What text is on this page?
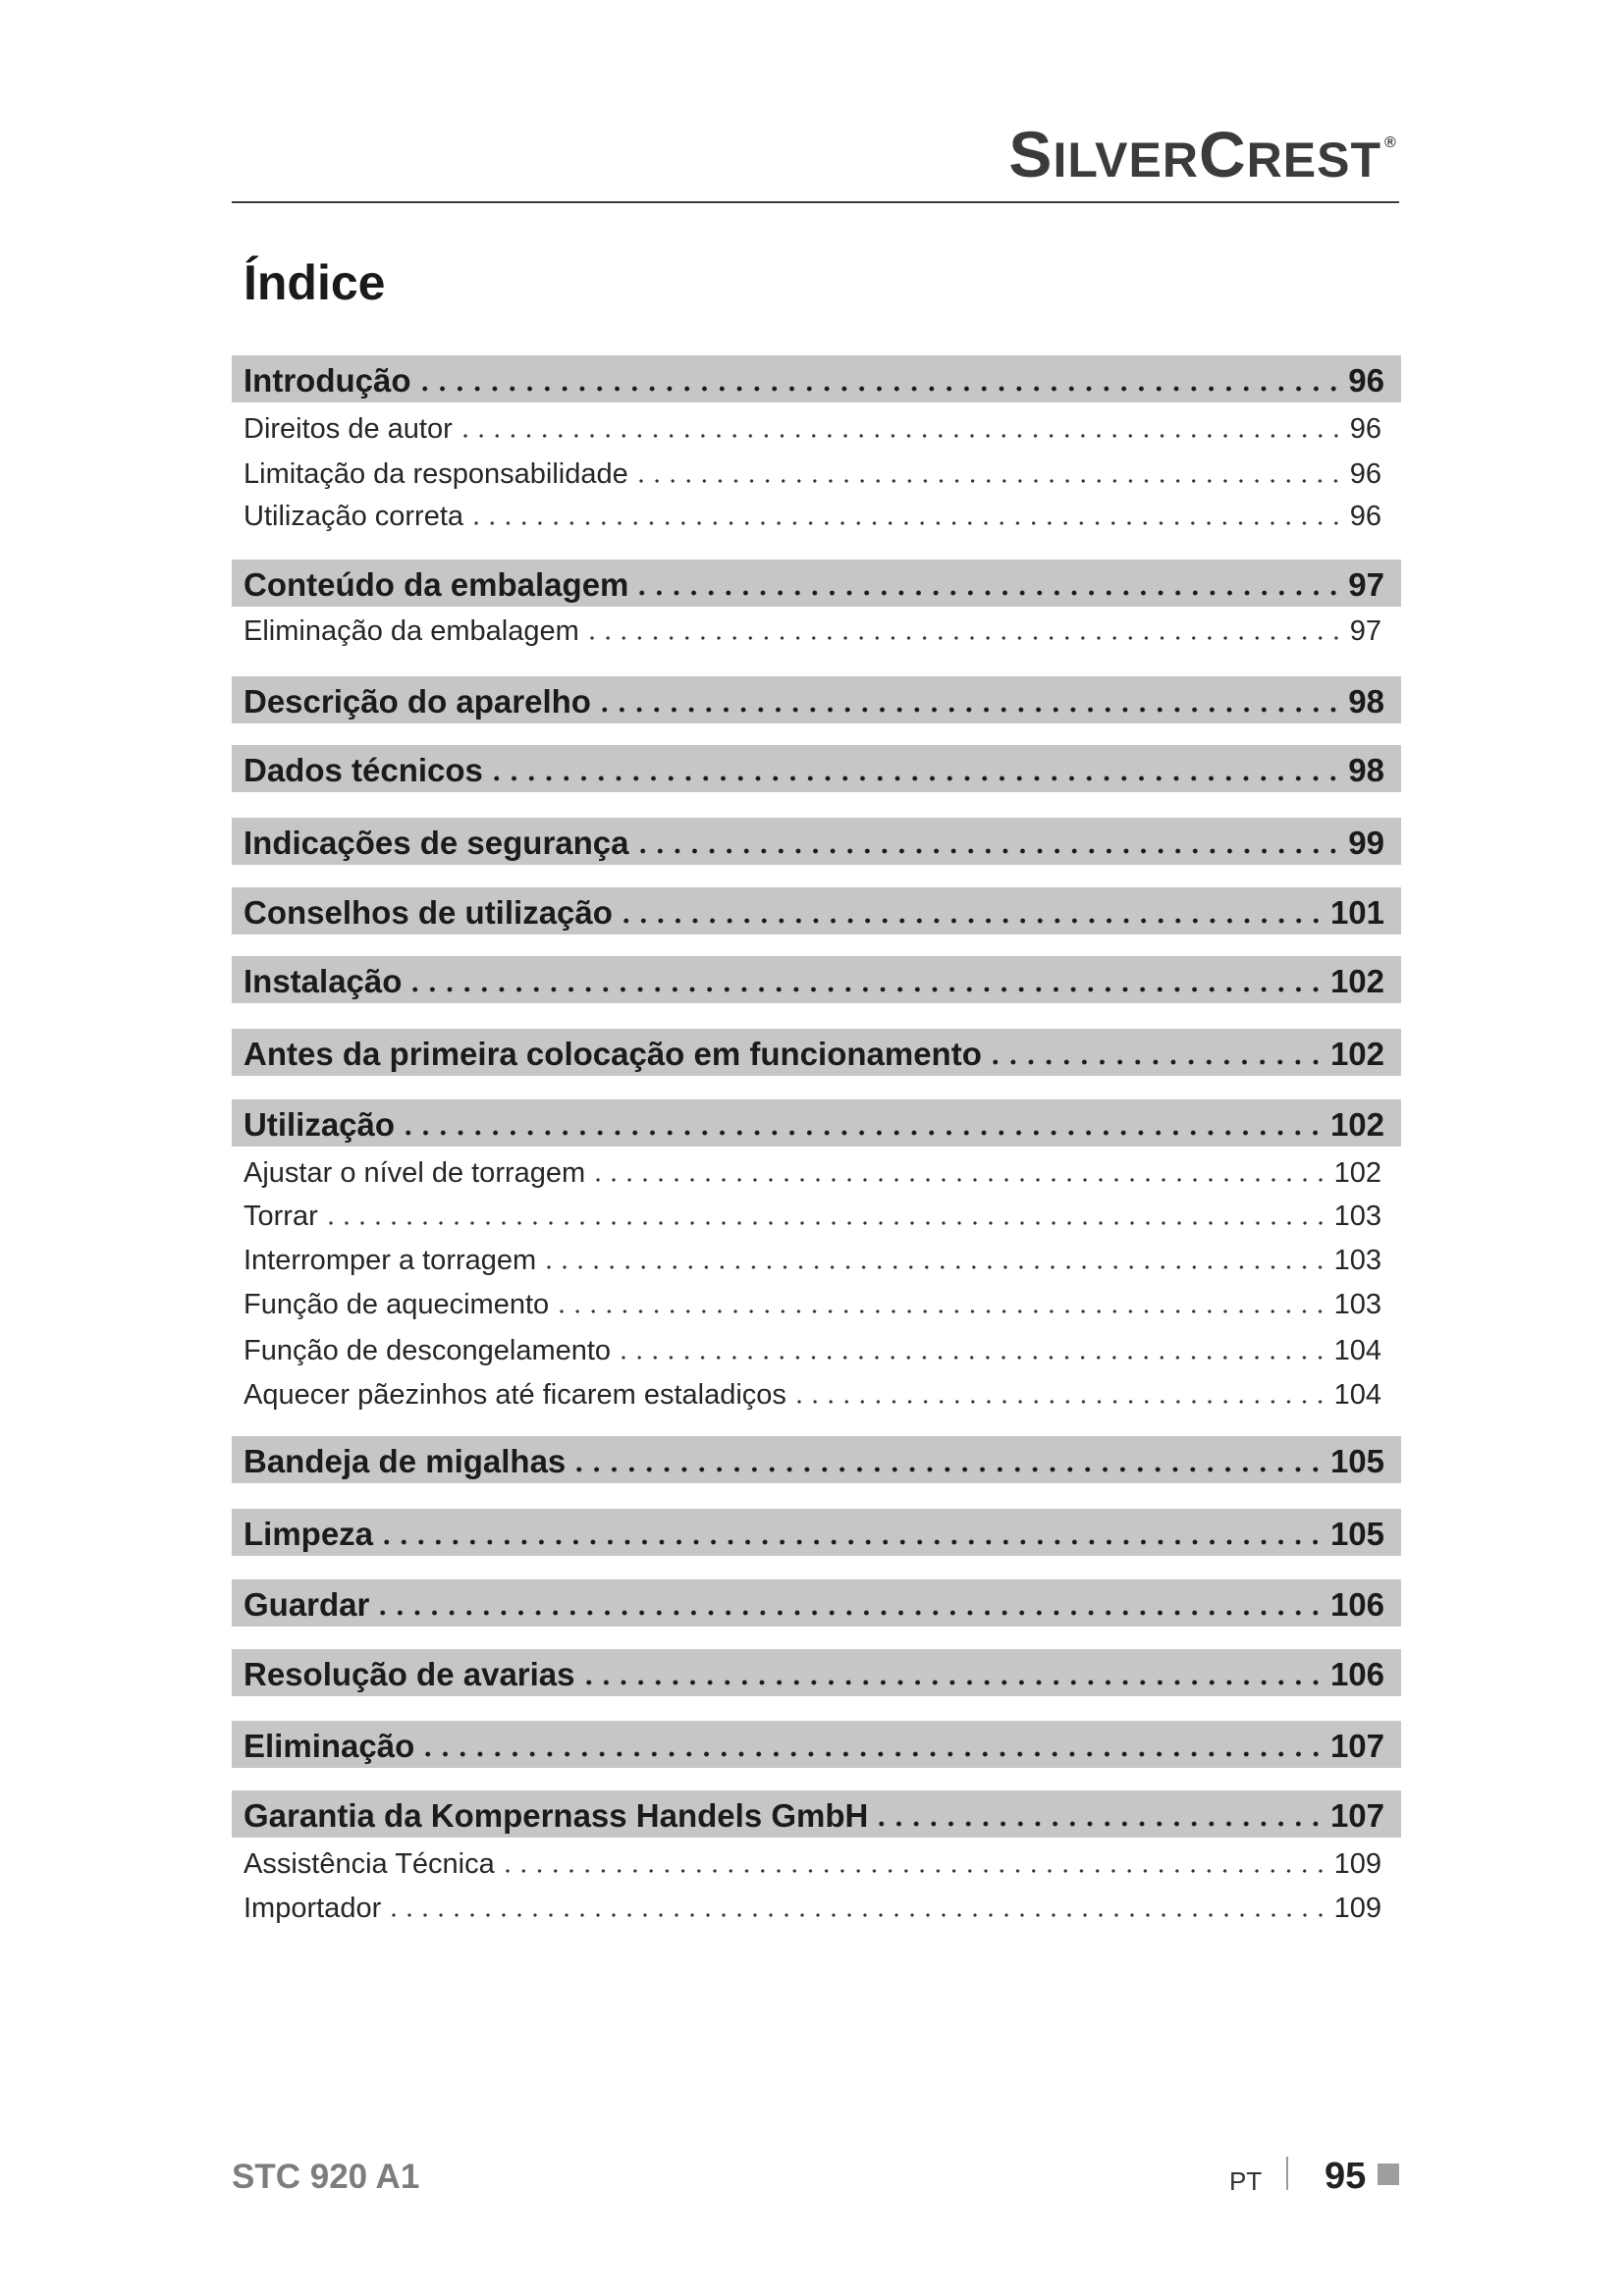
SILVERCREST ®
Índice
Introdução	96
Direitos de autor	96
Limitação da responsabilidade	96
Utilização correta	96
Conteúdo da embalagem	97
Eliminação da embalagem	97
Descrição do aparelho	98
Dados técnicos	98
Indicações de segurança	99
Conselhos de utilização	101
Instalação	102
Antes da primeira colocação em funcionamento	102
Utilização	102
Ajustar o nível de torragem	102
Torrar	103
Interromper a torragem	103
Função de aquecimento	103
Função de descongelamento	104
Aquecer pãezinhos até ficarem estaladiços	104
Bandeja de migalhas	105
Limpeza	105
Guardar	106
Resolução de avarias	106
Eliminação	107
Garantia da Kompernass Handels GmbH	107
Assistência Técnica	109
Importador	109
STC 920 A1	PT 95
